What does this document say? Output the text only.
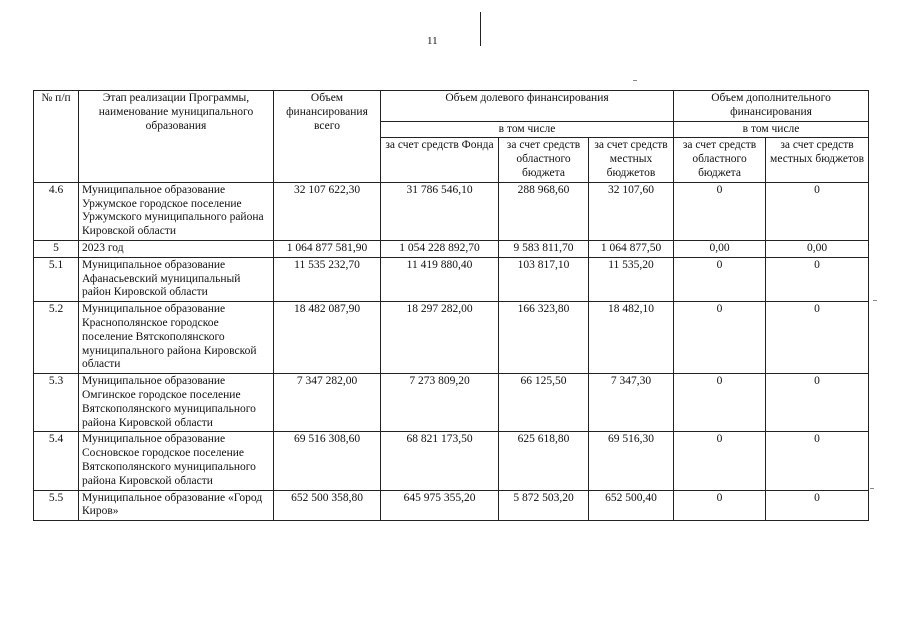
11
№ п/п	Этап реализации Программы, наименование муниципального образования	Объем финансирования всего	Объем долевого финансирования			Объем дополнительного финансирования	
			в том числе			в том числе	
			за счет средств Фонда	за счет средств областного бюджета	за счет средств местных бюджетов	за счет средств областного бюджета	за счет средств местных бюджетов
4.6	Муниципальное образование Уржумское городское поселение Уржумского муниципального района Кировской области	32 107 622,30	31 786 546,10	288 968,60	32 107,60	0	0
5	2023 год	1 064 877 581,90	1 054 228 892,70	9 583 811,70	1 064 877,50	0,00	0,00
5.1	Муниципальное образование Афанасьевский муниципальный район Кировской области	11 535 232,70	11 419 880,40	103 817,10	11 535,20	0	0
5.2	Муниципальное образование Краснополянское городское поселение Вятскополянского муниципального района Кировской области	18 482 087,90	18 297 282,00	166 323,80	18 482,10	0	0
5.3	Муниципальное образование Омгинское городское поселение Вятскополянского муниципального района Кировской области	7 347 282,00	7 273 809,20	66 125,50	7 347,30	0	0
5.4	Муниципальное образование Сосновское городское поселение Вятскополянского муниципального района Кировской области	69 516 308,60	68 821 173,50	625 618,80	69 516,30	0	0
5.5	Муниципальное образование «Город Киров»	652 500 358,80	645 975 355,20	5 872 503,20	652 500,40	0	0
